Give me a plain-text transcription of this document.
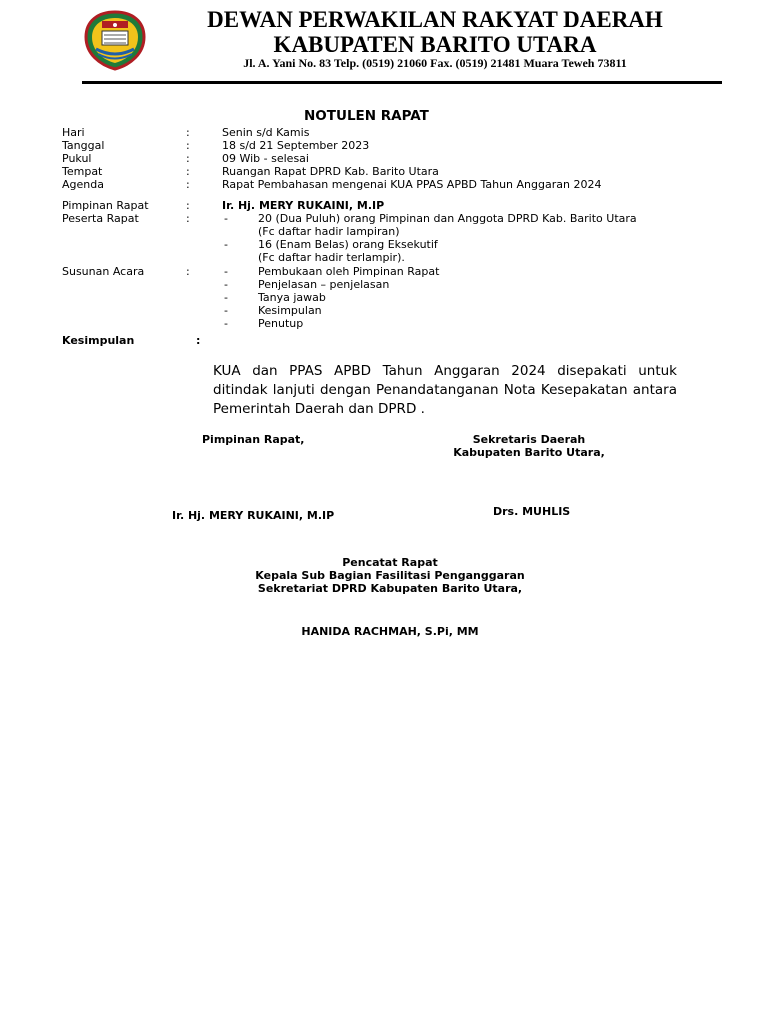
DEWAN PERWAKILAN RAKYAT DAERAH
KABUPATEN BARITO UTARA
Jl. A. Yani No. 83 Telp. (0519) 21060 Fax. (0519) 21481 Muara Teweh 73811
NOTULEN RAPAT
Hari	:	Senin s/d Kamis
Tanggal	:	18 s/d 21 September 2023
Pukul	:	09 Wib - selesai
Tempat	:	Ruangan Rapat DPRD Kab. Barito Utara
Agenda	:	Rapat Pembahasan mengenai KUA PPAS APBD Tahun Anggaran 2024
Pimpinan Rapat	:	Ir. Hj. MERY RUKAINI, M.IP
Peserta Rapat	:	-	20 (Dua Puluh) orang Pimpinan dan Anggota DPRD Kab. Barito Utara
(Fc daftar hadir lampiran)
-	16 (Enam Belas) orang Eksekutif
(Fc daftar hadir terlampir).
Susunan Acara	:	-	Pembukaan oleh Pimpinan Rapat
-	Penjelasan – penjelasan
-	Tanya jawab
-	Kesimpulan
-	Penutup
Kesimpulan	:
KUA dan PPAS APBD Tahun Anggaran 2024 disepakati untuk ditindak lanjuti dengan Penandatanganan Nota Kesepakatan antara Pemerintah Daerah dan DPRD .
Pimpinan Rapat,
Ir. Hj. MERY RUKAINI, M.IP
Sekretaris Daerah
Kabupaten Barito Utara,
Drs. MUHLIS
Pencatat Rapat
Kepala Sub Bagian Fasilitasi Penganggaran
Sekretariat DPRD Kabupaten Barito Utara,
HANIDA RACHMAH, S.Pi, MM
